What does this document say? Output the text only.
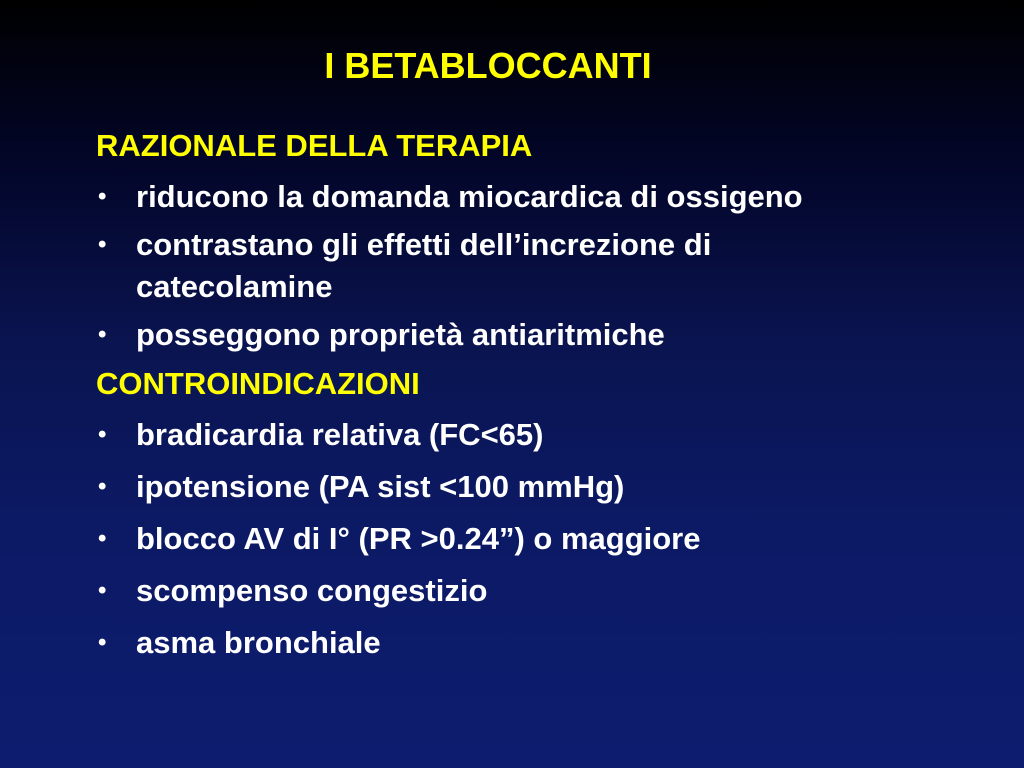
I BETABLOCCANTI
RAZIONALE DELLA TERAPIA
• riducono la domanda miocardica di ossigeno
• contrastano gli effetti dell’increzione di catecolamine
• posseggono proprietà antiaritmiche
CONTROINDICAZIONI
• bradicardia relativa (FC<65)
• ipotensione (PA sist <100 mmHg)
• blocco AV di I° (PR >0.24”) o maggiore
• scompenso congestizio
• asma bronchiale
